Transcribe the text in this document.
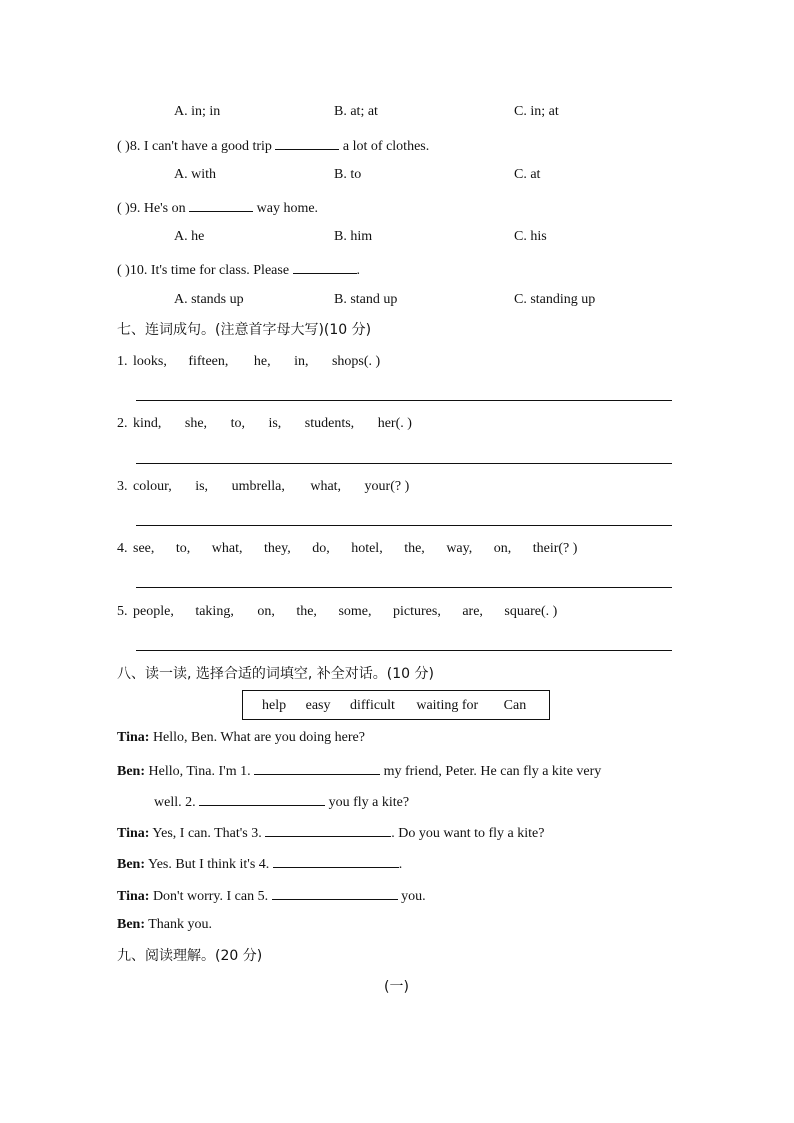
A. in; in	B. at; at	C. in; at
( )8. I can't have a good trip	a lot of clothes.
A. with	B. to	C. at
( )9. He's on	way home.
A. he	B. him	C. his
( )10. It's time for class. Please	.
A. stands up	B. stand up	C. standing up
七、连词成句。(注意首字母大写)(10 分)
1. looks, fifteen, he, in, shops(. )
2. kind, she, to, is, students, her(. )
3. colour, is, umbrella, what, your(? )
4. see, to, what, they, do, hotel, the, way, on, their(? )
5. people, taking, on, the, some, pictures, are, square(. )
八、读一读, 选择合适的词填空, 补全对话。(10 分)
help easy difficult waiting for Can
Tina: Hello, Ben. What are you doing here?
Ben: Hello, Tina. I'm 1.	my friend, Peter. He can fly a kite very
well. 2.	you fly a kite?
Tina: Yes, I can. That's 3.	. Do you want to fly a kite?
Ben: Yes. But I think it's 4.	.
Tina: Don't worry. I can 5.	you.
Ben: Thank you.
九、阅读理解。(20 分)
(一)
